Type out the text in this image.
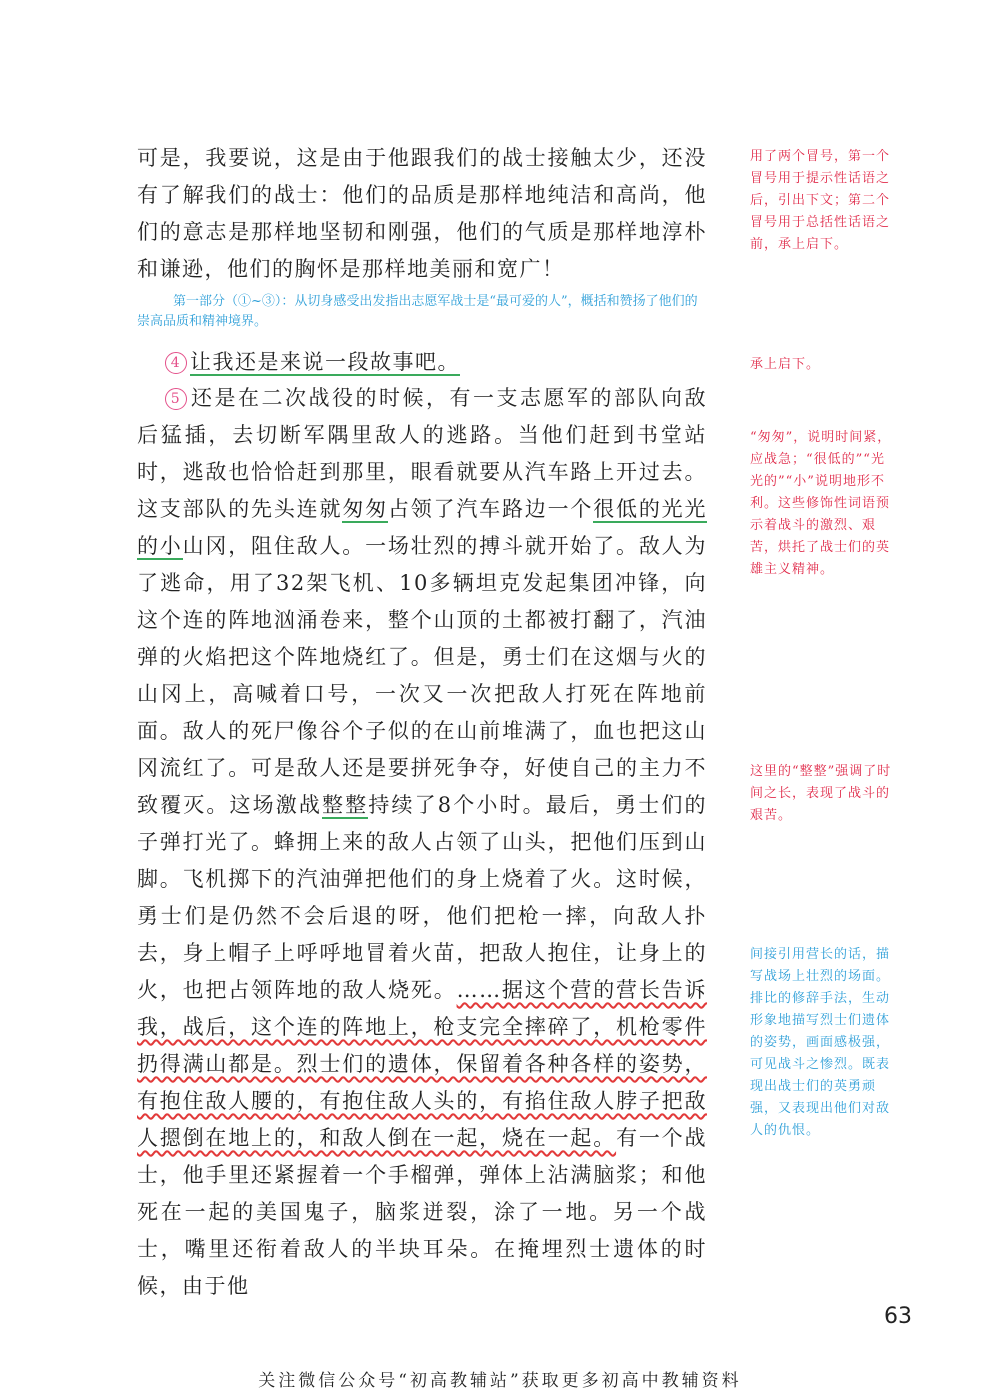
可是，我要说，这是由于他跟我们的战士接触太少，还没有了解我们的战士：他们的品质是那样地纯洁和高尚，他们的意志是那样地坚韧和刚强，他们的气质是那样地淳朴和谦逊，他们的胸怀是那样地美丽和宽广！

第一部分（①~③）：从切身感受出发指出志愿军战士是“最可爱的人”，概括和赞扬了他们的崇高品质和精神境界。

4 让我还是来说一段故事吧。

5 还是在二次战役的时候，有一支志愿军的部队向敌后猛插，去切断军隅里敌人的逃路。当他们赶到书堂站时，逃敌也恰恰赶到那里，眼看就要从汽车路上开过去。这支部队的先头连就匆匆占领了汽车路边一个很低的光光的小山冈，阻住敌人。一场壮烈的搏斗就开始了。敌人为了逃命，用了32架飞机、10多辆坦克发起集团冲锋，向这个连的阵地汹涌卷来，整个山顶的土都被打翻了，汽油弹的火焰把这个阵地烧红了。但是，勇士们在这烟与火的山冈上，高喊着口号，一次又一次把敌人打死在阵地前面。敌人的死尸像谷个子似的在山前堆满了，血也把这山冈流红了。可是敌人还是要拼死争夺，好使自己的主力不致覆灭。这场激战整整持续了8个小时。最后，勇士们的子弹打光了。蜂拥上来的敌人占领了山头，把他们压到山脚。飞机掷下的汽油弹把他们的身上烧着了火。这时候，勇士们是仍然不会后退的呀，他们把枪一摔，向敌人扑去，身上帽子上呼呼地冒着火苗，把敌人抱住，让身上的火，也把占领阵地的敌人烧死。……据这个营的营长告诉我，战后，这个连的阵地上，枪支完全摔碎了，机枪零件扔得满山都是。烈士们的遗体，保留着各种各样的姿势，有抱住敌人腰的，有抱住敌人头的，有掐住敌人脖子把敌人摁倒在地上的，和敌人倒在一起，烧在一起。有一个战士，他手里还紧握着一个手榴弹，弹体上沾满脑浆；和他死在一起的美国鬼子，脑浆迸裂，涂了一地。另一个战士，嘴里还衔着敌人的半块耳朵。在掩埋烈士遗体的时候，由于他

用了两个冒号，第一个冒号用于提示性话语之后，引出下文；第二个冒号用于总括性话语之前，承上启下。
承上启下。
“匆匆”，说明时间紧，应战急；“很低的”“光光的”“小”说明地形不利。这些修饰性词语预示着战斗的激烈、艰苦，烘托了战士们的英雄主义精神。
这里的“整整”强调了时间之长，表现了战斗的艰苦。
间接引用营长的话，描写战场上壮烈的场面。排比的修辞手法，生动形象地描写烈士们遗体的姿势，画面感极强，可见战斗之惨烈。既表现出战士们的英勇顽强，又表现出他们对敌人的仇恨。
63
关注微信公众号“初高教辅站”获取更多初高中教辅资料
